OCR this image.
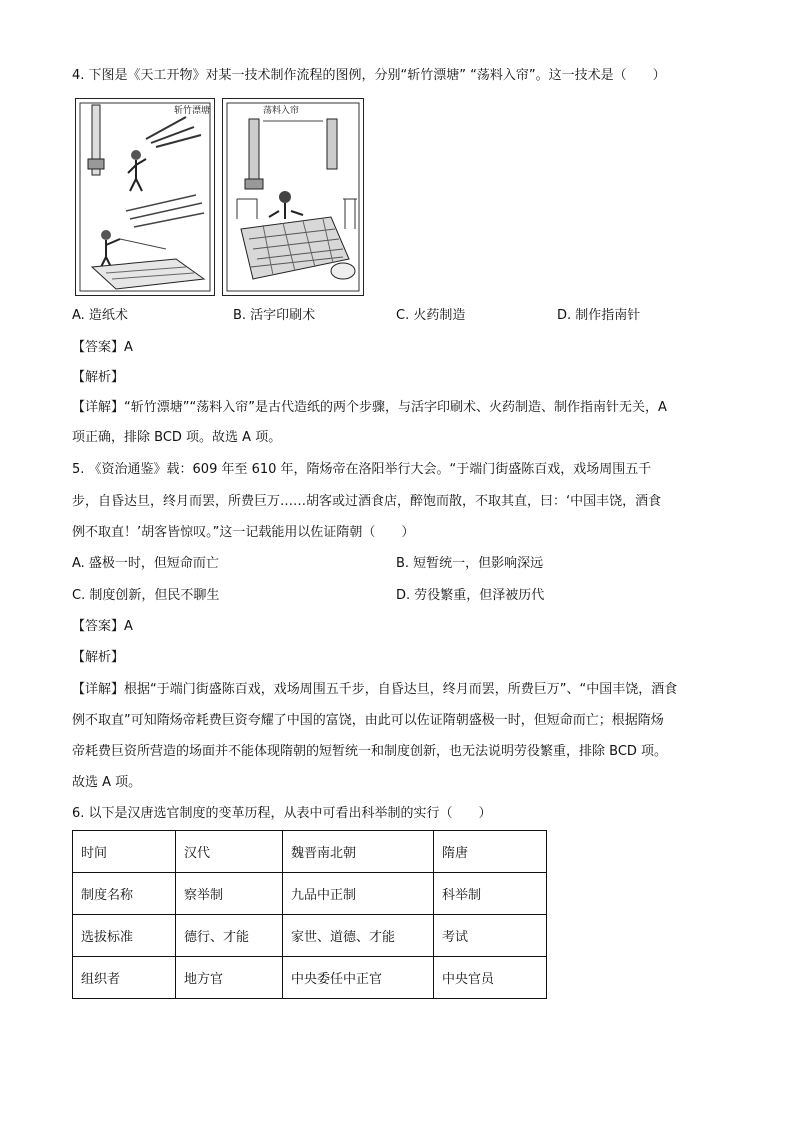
4. 下图是《天工开物》对某一技术制作流程的图例，分别“斩竹漂塘” “荡料入帘”。这一技术是（　　）
斩竹漂塘	荡料入帘
A. 造纸术	B. 活字印刷术	C. 火药制造	D. 制作指南针
【答案】A
【解析】
【详解】“斩竹漂塘”“荡料入帘”是古代造纸的两个步骤，与活字印刷术、火药制造、制作指南针无关，A
项正确，排除 BCD 项。故选 A 项。
5. 《资治通鉴》载：609 年至 610 年，隋炀帝在洛阳举行大会。“于端门街盛陈百戏，戏场周围五千
步，自昏达旦，终月而罢，所费巨万……胡客或过酒食店，醉饱而散，不取其直，曰：‘中国丰饶，酒食
例不取直！’胡客皆惊叹。”这一记载能用以佐证隋朝（　　）
A. 盛极一时，但短命而亡	B. 短暂统一，但影响深远
C. 制度创新，但民不聊生	D. 劳役繁重，但泽被历代
【答案】A
【解析】
【详解】根据“于端门街盛陈百戏，戏场周围五千步，自昏达旦，终月而罢，所费巨万”、“中国丰饶，酒食
例不取直”可知隋炀帝耗费巨资夸耀了中国的富饶，由此可以佐证隋朝盛极一时，但短命而亡；根据隋炀
帝耗费巨资所营造的场面并不能体现隋朝的短暂统一和制度创新，也无法说明劳役繁重，排除 BCD 项。
故选 A 项。
6. 以下是汉唐选官制度的变革历程，从表中可看出科举制的实行（　　）
时间	汉代	魏晋南北朝	隋唐
制度名称	察举制	九品中正制	科举制
选拔标准	德行、才能	家世、道德、才能	考试
组织者	地方官	中央委任中正官	中央官员
